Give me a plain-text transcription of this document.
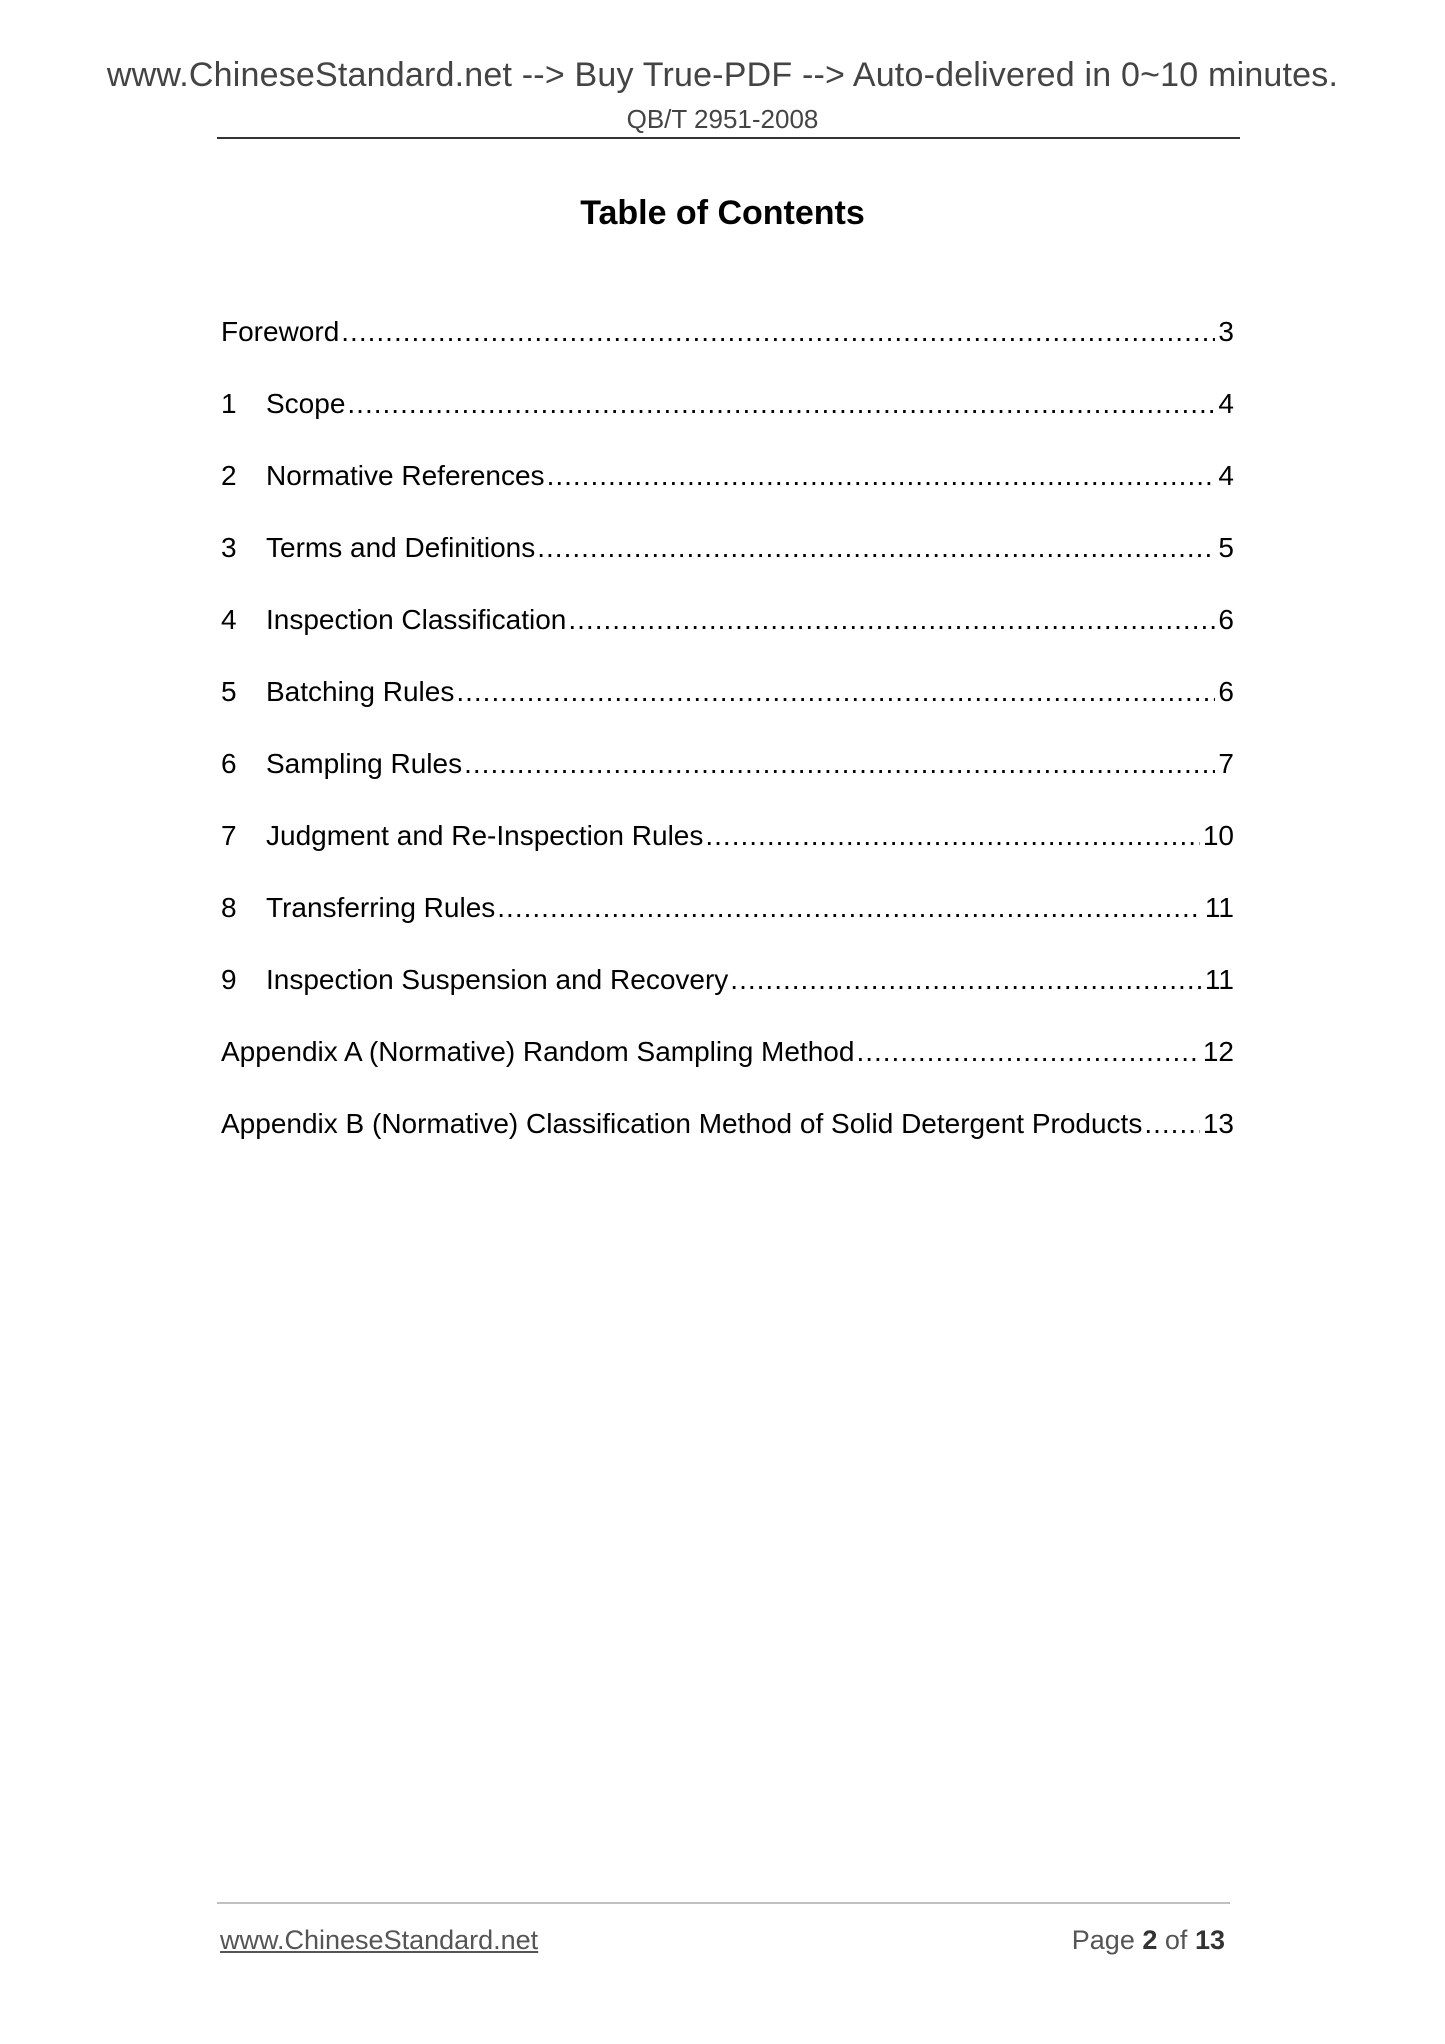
www.ChineseStandard.net --> Buy True-PDF --> Auto-delivered in 0~10 minutes.
QB/T 2951-2008
Table of Contents
Foreword .....	3
1	Scope .....	4
2	Normative References .....	4
3	Terms and Definitions .....	5
4	Inspection Classification .....	6
5	Batching Rules .....	6
6	Sampling Rules .....	7
7	Judgment and Re-Inspection Rules .....	10
8	Transferring Rules .....	11
9	Inspection Suspension and Recovery .....	11
Appendix A (Normative) Random Sampling Method .....	12
Appendix B (Normative) Classification Method of Solid Detergent Products ..... 13
www.ChineseStandard.net	Page 2 of 13
